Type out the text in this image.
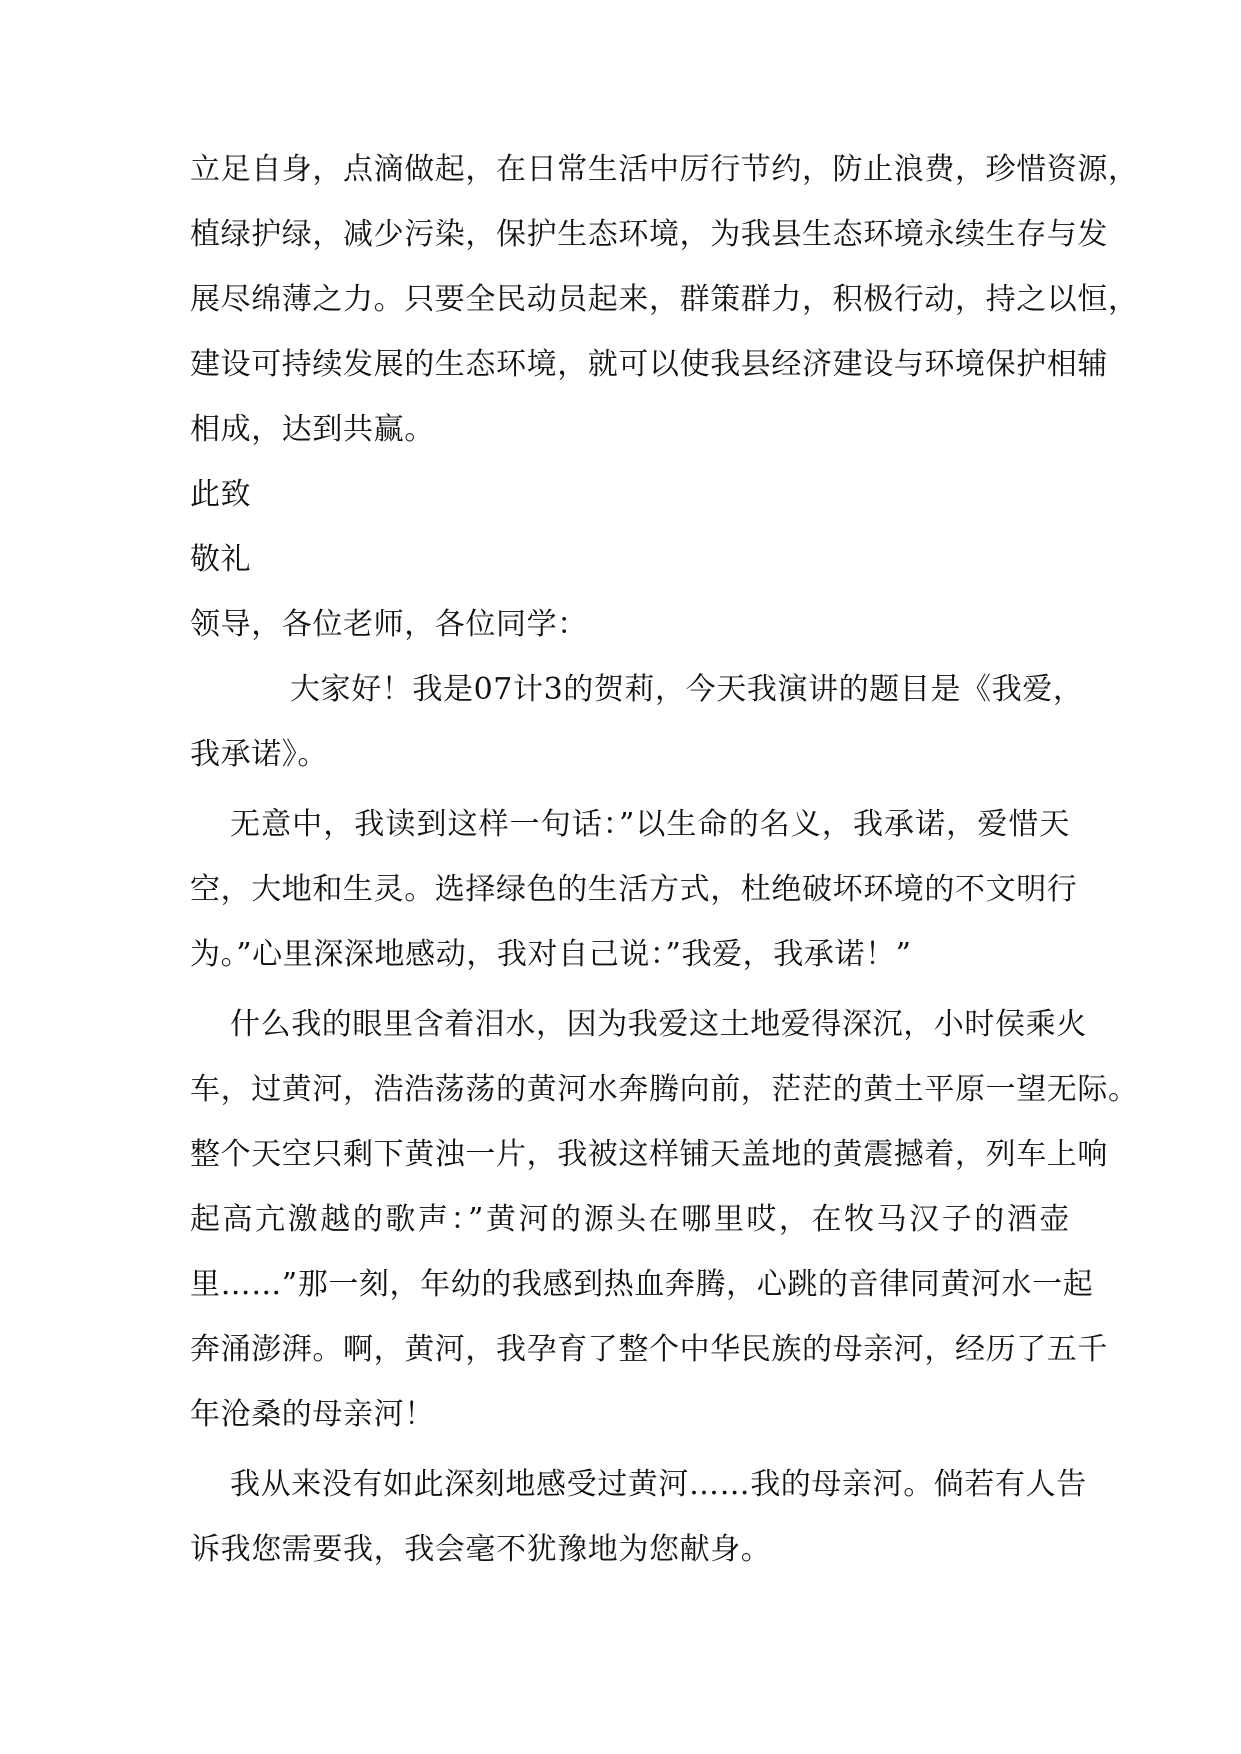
立足自身，点滴做起，在日常生活中厉行节约，防止浪费，珍惜资源，
植绿护绿，减少污染，保护生态环境，为我县生态环境永续生存与发
展尽绵薄之力。只要全民动员起来，群策群力，积极行动，持之以恒，
建设可持续发展的生态环境，就可以使我县经济建设与环境保护相辅
相成，达到共赢。
此致
敬礼
领导，各位老师，各位同学：
大家好！我是07计3的贺莉，今天我演讲的题目是《我爱，
我承诺》。
无意中，我读到这样一句话：”以生命的名义，我承诺，爱惜天
空，大地和生灵。选择绿色的生活方式，杜绝破坏环境的不文明行
为。”心里深深地感动，我对自己说：”我爱，我承诺！”
什么我的眼里含着泪水，因为我爱这土地爱得深沉，小时侯乘火
车，过黄河，浩浩荡荡的黄河水奔腾向前，茫茫的黄土平原一望无际。
整个天空只剩下黄浊一片，我被这样铺天盖地的黄震撼着，列车上响
起高亢激越的歌声：”黄河的源头在哪里哎，在牧马汉子的酒壶
里……”那一刻，年幼的我感到热血奔腾，心跳的音律同黄河水一起
奔涌澎湃。啊，黄河，我孕育了整个中华民族的母亲河，经历了五千
年沧桑的母亲河！
我从来没有如此深刻地感受过黄河……我的母亲河。倘若有人告
诉我您需要我，我会毫不犹豫地为您献身。
